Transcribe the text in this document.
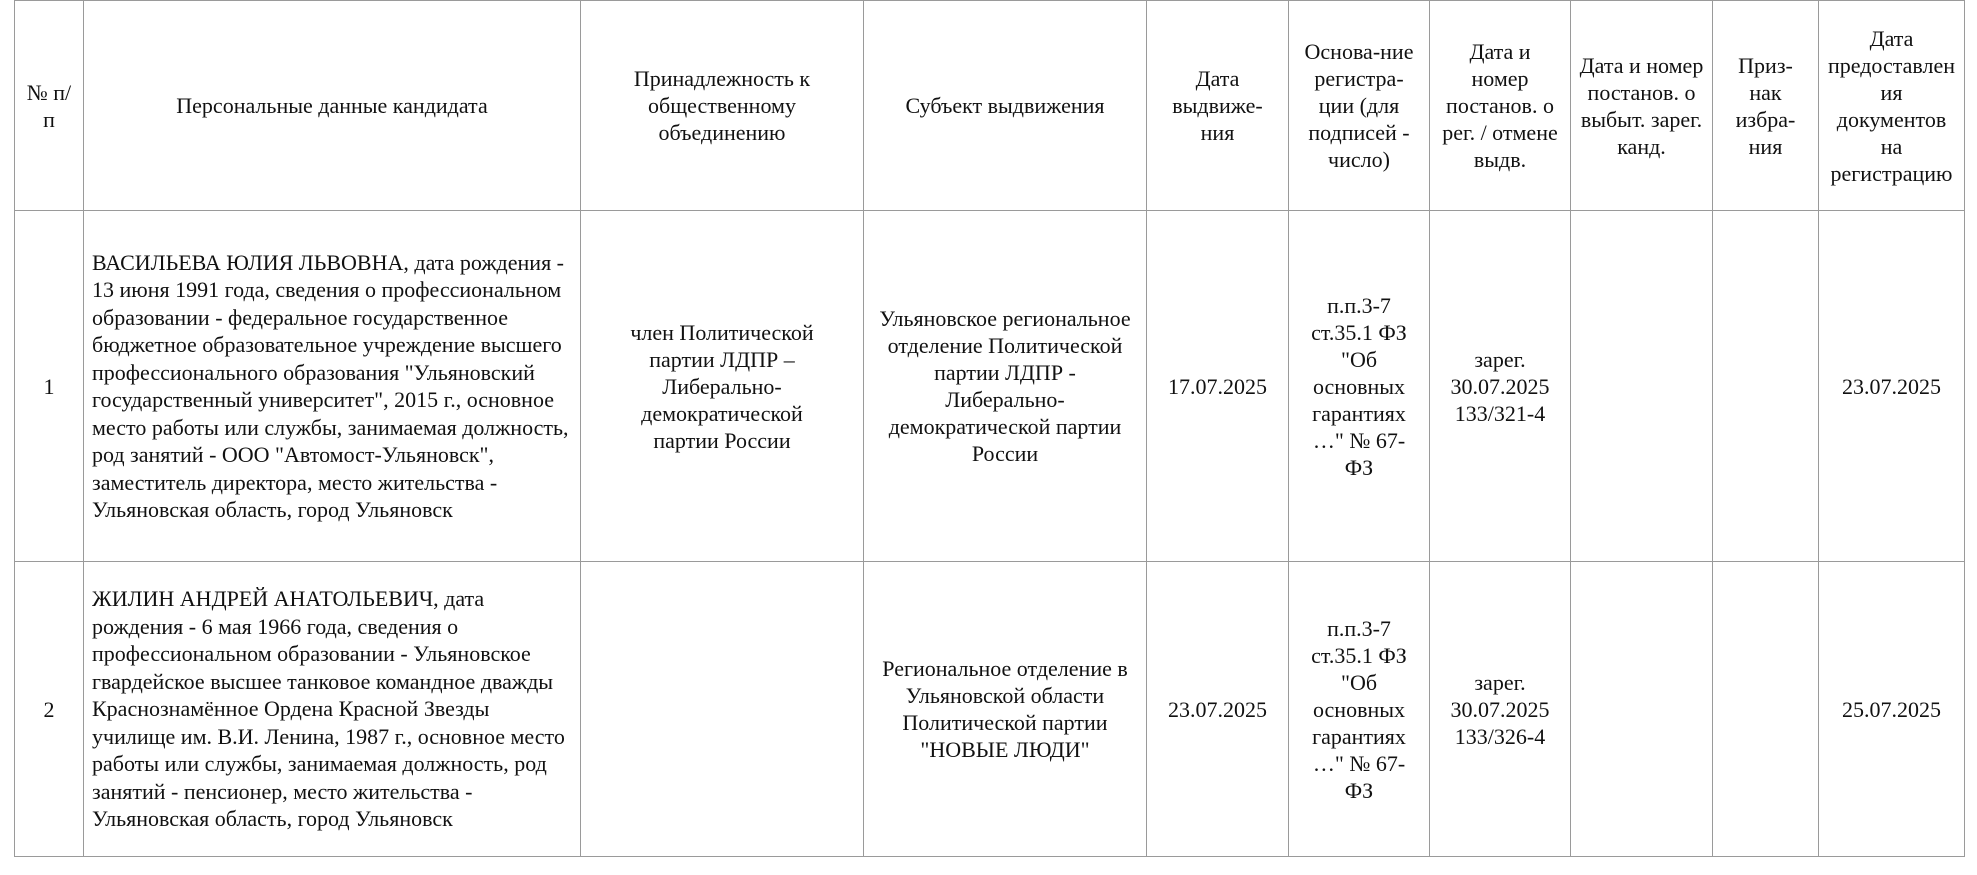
№ п/п	Персональные данные кандидата	Принадлежность к общественному объединению	Субъект выдвижения	Дата выдвиже-ния	Основа-ние регистра-ции (для подписей - число)	Дата и номер постанов. о рег. / отмене выдв.	Дата и номер постанов. о выбыт. зарег. канд.	Приз-нак избра-ния	Дата предоставления документов на регистрацию
1	ВАСИЛЬЕВА ЮЛИЯ ЛЬВОВНА, дата рождения - 13 июня 1991 года, сведения о профессиональном образовании - федеральное государственное бюджетное образовательное учреждение высшего профессионального образования "Ульяновский государственный университет", 2015 г., основное место работы или службы, занимаемая должность, род занятий - ООО "Автомост-Ульяновск", заместитель директора, место жительства - Ульяновская область, город Ульяновск	член Политической партии ЛДПР – Либерально-демократической партии России	Ульяновское региональное отделение Политической партии ЛДПР - Либерально-демократической партии России	17.07.2025	п.п.3-7 ст.35.1 ФЗ "Об основных гарантиях …" № 67-ФЗ	зарег. 30.07.2025 133/321-4			23.07.2025
2	ЖИЛИН АНДРЕЙ АНАТОЛЬЕВИЧ, дата рождения - 6 мая 1966 года, сведения о профессиональном образовании - Ульяновское гвардейское высшее танковое командное дважды Краснознамённое Ордена Красной Звезды училище им. В.И. Ленина, 1987 г., основное место работы или службы, занимаемая должность, род занятий - пенсионер, место жительства - Ульяновская область, город Ульяновск		Региональное отделение в Ульяновской области Политической партии "НОВЫЕ ЛЮДИ"	23.07.2025	п.п.3-7 ст.35.1 ФЗ "Об основных гарантиях …" № 67-ФЗ	зарег. 30.07.2025 133/326-4			25.07.2025
